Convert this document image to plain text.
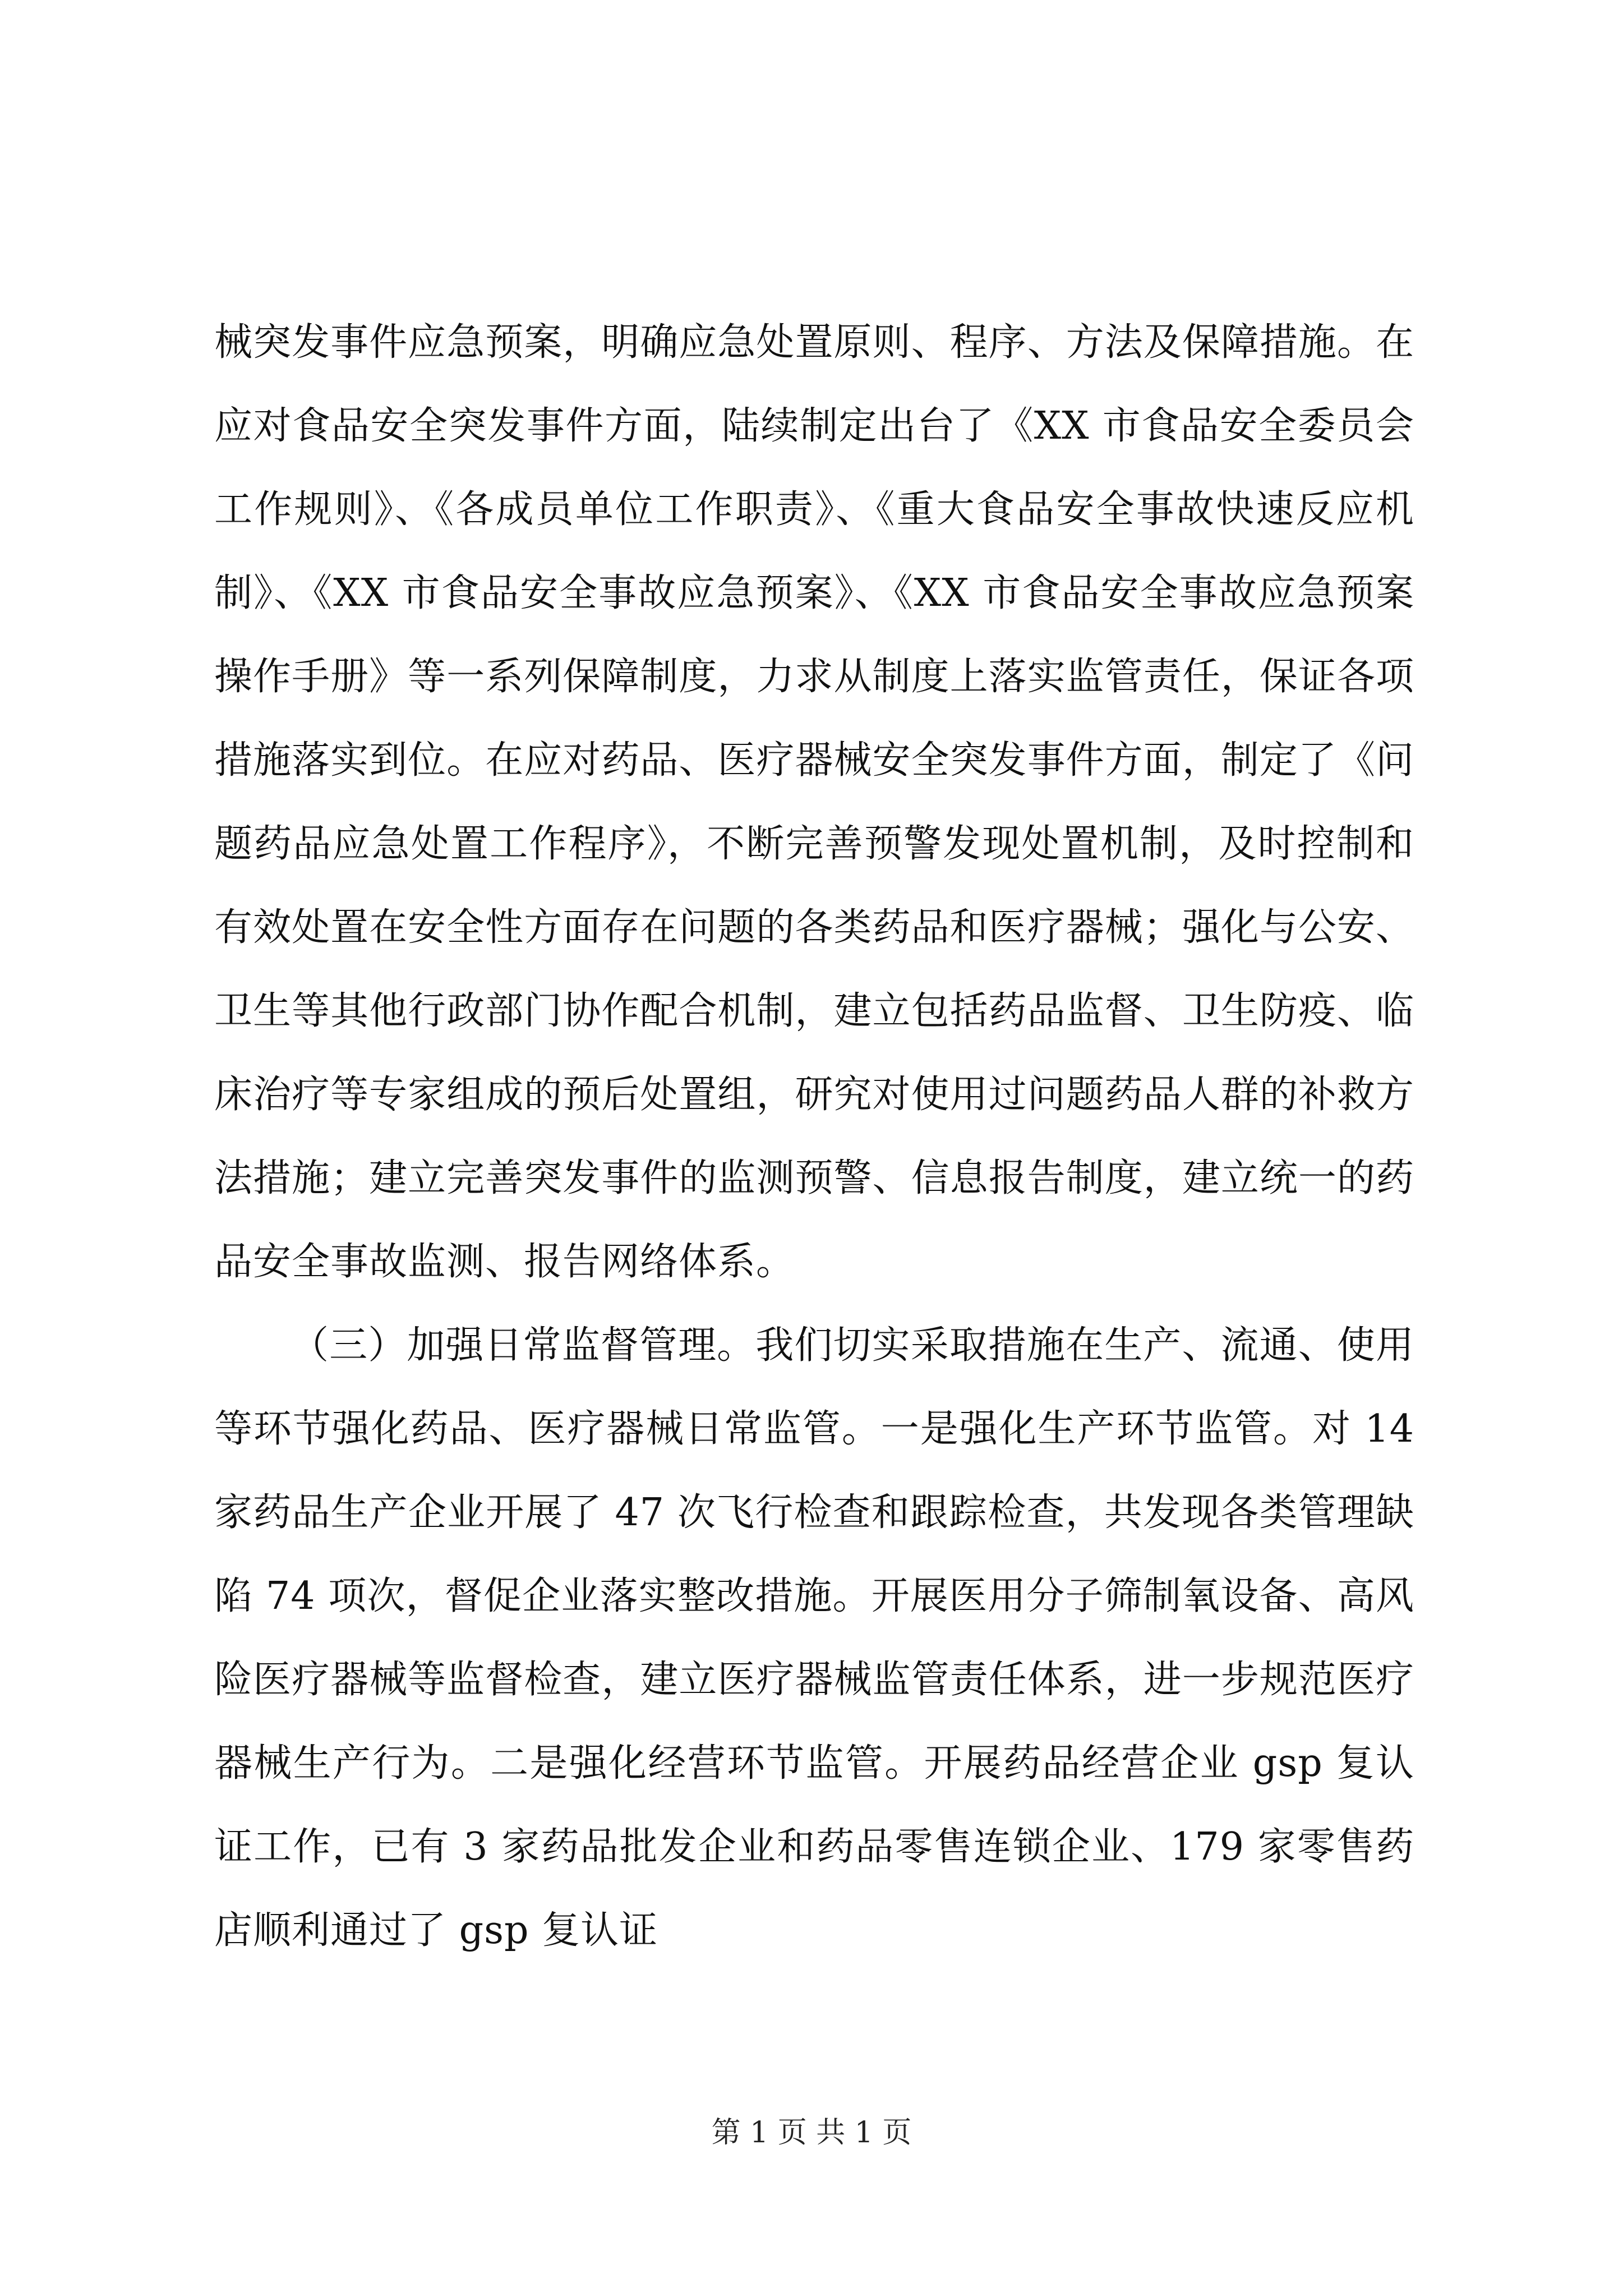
械突发事件应急预案，明确应急处置原则、程序、方法及保障措施。在应对食品安全突发事件方面，陆续制定出台了《XX 市食品安全委员会工作规则》、《各成员单位工作职责》、《重大食品安全事故快速反应机制》、《XX 市食品安全事故应急预案》、《XX 市食品安全事故应急预案操作手册》等一系列保障制度，力求从制度上落实监管责任，保证各项措施落实到位。在应对药品、医疗器械安全突发事件方面，制定了《问题药品应急处置工作程序》，不断完善预警发现处置机制，及时控制和有效处置在安全性方面存在问题的各类药品和医疗器械；强化与公安、卫生等其他行政部门协作配合机制，建立包括药品监督、卫生防疫、临床治疗等专家组成的预后处置组，研究对使用过问题药品人群的补救方法措施；建立完善突发事件的监测预警、信息报告制度，建立统一的药品安全事故监测、报告网络体系。

（三）加强日常监督管理。我们切实采取措施在生产、流通、使用等环节强化药品、医疗器械日常监管。一是强化生产环节监管。对 14 家药品生产企业开展了 47 次飞行检查和跟踪检查，共发现各类管理缺陷 74 项次，督促企业落实整改措施。开展医用分子筛制氧设备、高风险医疗器械等监督检查，建立医疗器械监管责任体系，进一步规范医疗器械生产行为。二是强化经营环节监管。开展药品经营企业 gsp 复认证工作，已有 3 家药品批发企业和药品零售连锁企业、179 家零售药店顺利通过了 gsp 复认证

第 1 页 共 1 页
